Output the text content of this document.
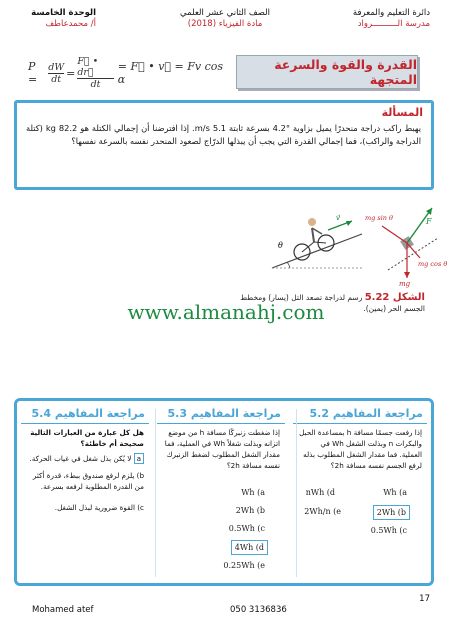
دائرة التعليم والمعرفة
مدرسة الــــــــــرواد
الصف الثاني عشر العلمي
مادة الفيزياء (2018)
الوحدة الخامسة
أ/ محمدعاطف
P =	$\frac{dW}{dt} = \frac{F⃗ • dr⃗}{dt}$ = F⃗ • v⃗ = Fv cos α
القدرة والقوة والسرعة المتجهة
المسألة
يهبط راكب دراجة منحدرًا يميل بزاوية °4.2 بسرعة ثابتة 5.1 m/s. إذا افترضنا أن إجمالي الكتلة هو 82.2 kg (كتلة الدراجة والراكب)، فما إجمالي القدرة التي يجب أن يبذلها الدرّاج لصعود المنحدر نفسه بالسرعة نفسها؟
θ
v⃗	mg sin θ
mg cos θ
F
mg
الشكل 5.22 رسم لدراجة تصعد التل (يسار) ومخطط الجسم الحر (يمين).
www.almanahj.com
مراجعة المفاهيم 5.2
إذا رفعت جسمًا مسافة h بمساعدة الحبل والبكرات n وبذلت الشغل Wh في العملية. فما مقدار الشغل المطلوب بذله لرفع الجسم نفسه مسافة 2h؟
Wh (a
nWh (d
2Wh (b
2Wh/n (e
0.5Wh (c
مراجعة المفاهيم 5.3
إذا ضغطت زنبركًا مسافة h من موضع اتزانه وبذلت شغلاً Wh في العملية، فما مقدار الشغل المطلوب لضغط الزنبرك نفسه مسافة 2h؟
Wh (a
2Wh (b
0.5Wh (c
4Wh (d
0.25Wh (e
مراجعة المفاهيم 5.4
هل كل عبارة من العبارات التالية صحيحة أم خاطئة؟
a لا يُكن بذل شغل في غياب الحركة.
b) يلزم لرفع صندوق ببطء، قدرة أكثر من القدرة المطلوبة لرفعه بسرعة.
c) القوة ضرورية لبذل الشغل.
17
Mohamed atef	050 3136836
